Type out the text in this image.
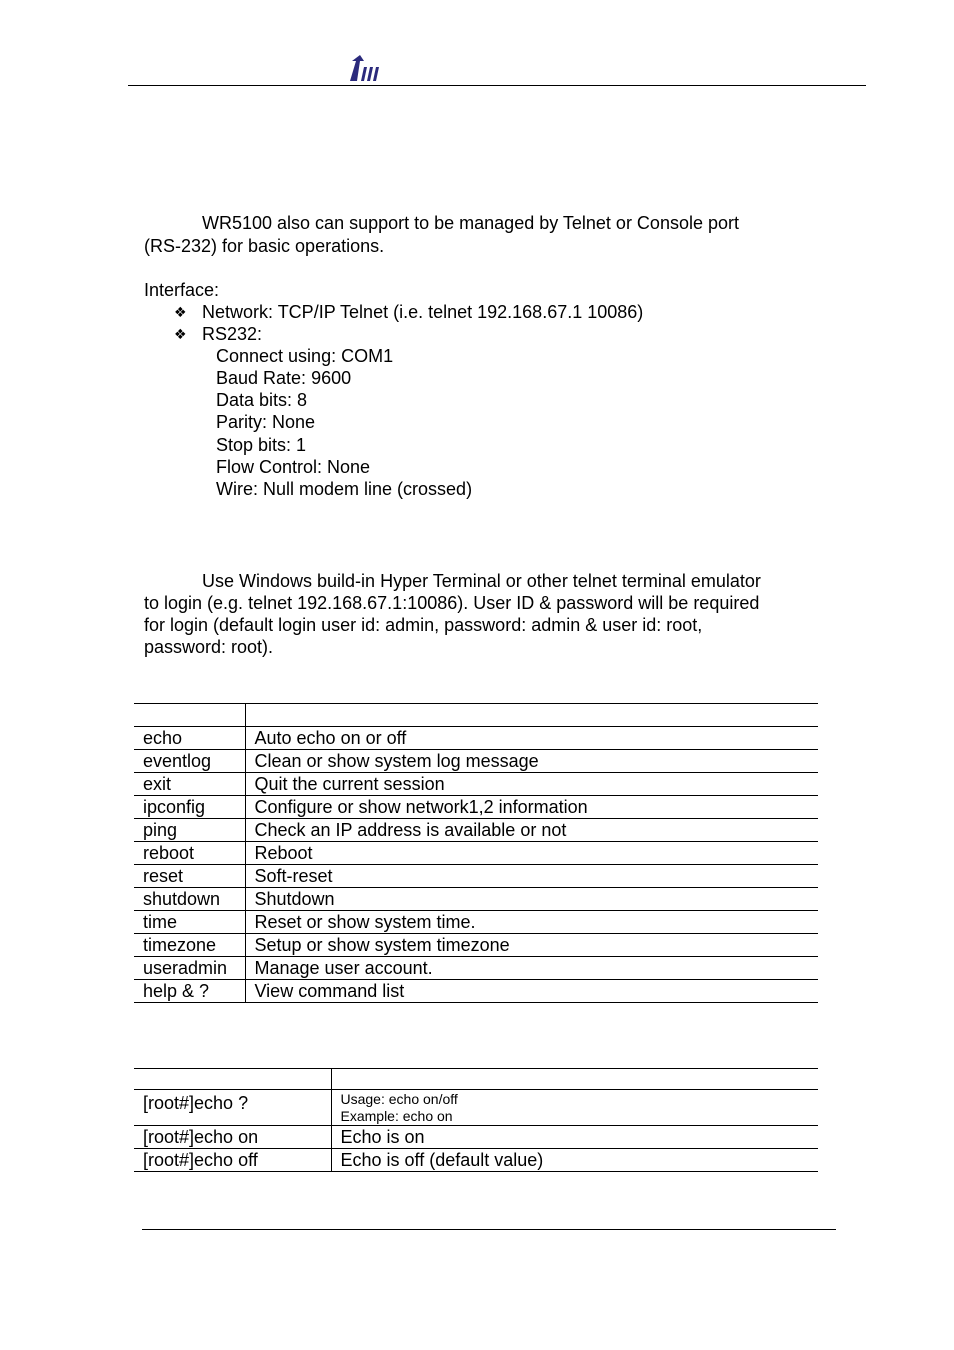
WR5100 also can support to be managed by Telnet or Console port
(RS-232) for basic operations.
Interface:
❖ Network: TCP/IP Telnet (i.e. telnet 192.168.67.1 10086)
❖ RS232:
Connect using: COM1
Baud Rate: 9600
Data bits: 8
Parity: None
Stop bits: 1
Flow Control: None
Wire: Null modem line (crossed)
Use Windows build-in Hyper Terminal or other telnet terminal emulator
to login (e.g. telnet 192.168.67.1:10086). User ID & password will be required
for login (default login user id: admin, password: admin & user id: root,
password: root).

echo	Auto echo on or off
eventlog	Clean or show system log message
exit	Quit the current session
ipconfig	Configure or show network1,2 information
ping	Check an IP address is available or not
reboot	Reboot
reset	Soft-reset
shutdown	Shutdown
time	Reset or show system time.
timezone	Setup or show system timezone
useradmin	Manage user account.
help & ?	View command list

[root#]echo ?	Usage: echo on/off
Example: echo on

[root#]echo on	Echo is on
[root#]echo off	Echo is off (default value)
